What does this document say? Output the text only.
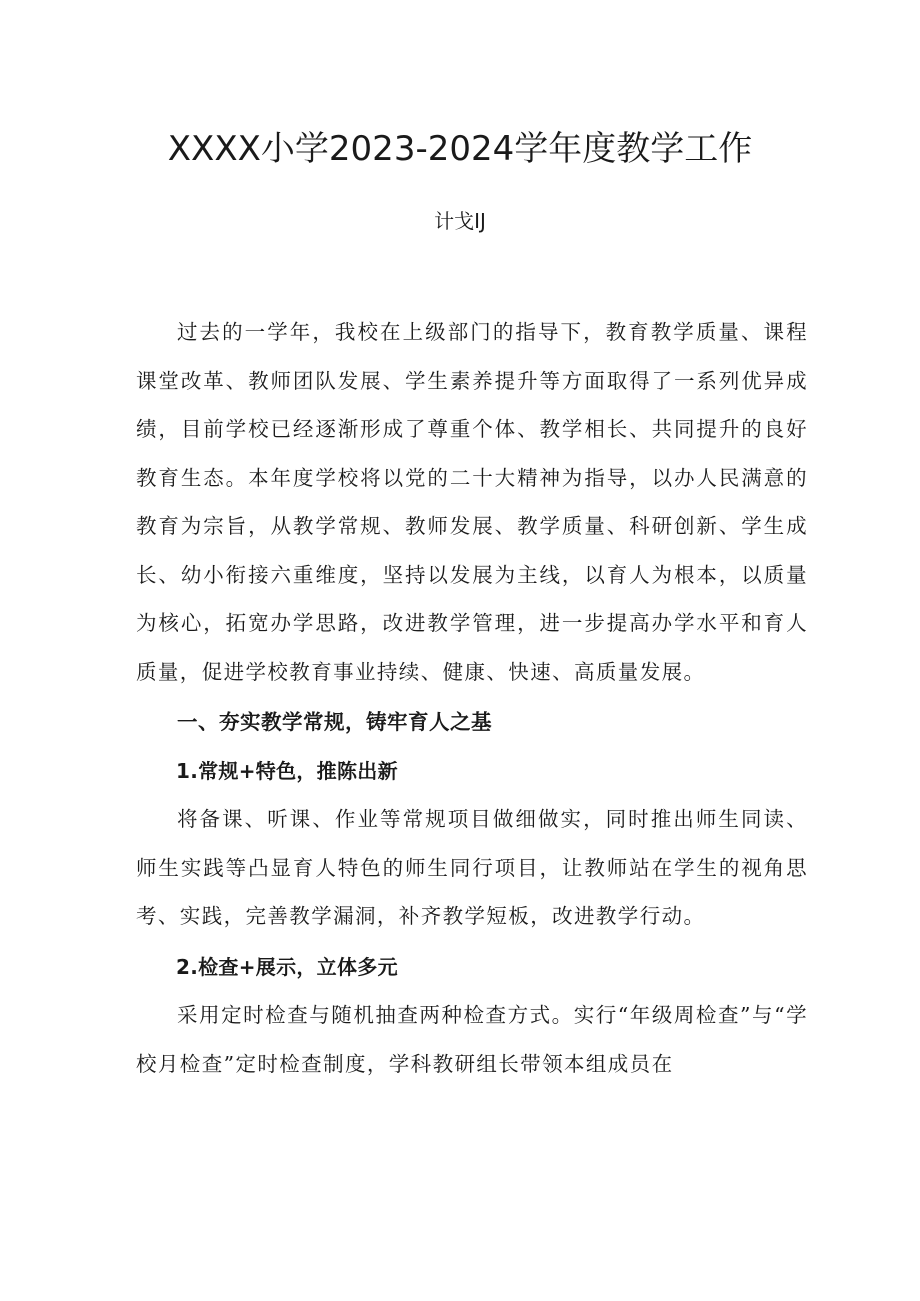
XXXX小学2023-2024学年度教学工作
计戈IJ

过去的一学年，我校在上级部门的指导下，教育教学质量、课程课堂改革、教师团队发展、学生素养提升等方面取得了一系列优异成绩，目前学校已经逐渐形成了尊重个体、教学相长、共同提升的良好教育生态。本年度学校将以党的二十大精神为指导，以办人民满意的教育为宗旨，从教学常规、教师发展、教学质量、科研创新、学生成长、幼小衔接六重维度，坚持以发展为主线，以育人为根本，以质量为核心，拓宽办学思路，改进教学管理，进一步提高办学水平和育人质量，促进学校教育事业持续、健康、快速、高质量发展。

一、夯实教学常规，铸牢育人之基

1.常规+特色，推陈出新

将备课、听课、作业等常规项目做细做实，同时推出师生同读、师生实践等凸显育人特色的师生同行项目，让教师站在学生的视角思考、实践，完善教学漏洞，补齐教学短板，改进教学行动。

2.检查+展示，立体多元

采用定时检查与随机抽查两种检查方式。实行“年级周检查”与“学校月检查”定时检查制度，学科教研组长带领本组成员在
